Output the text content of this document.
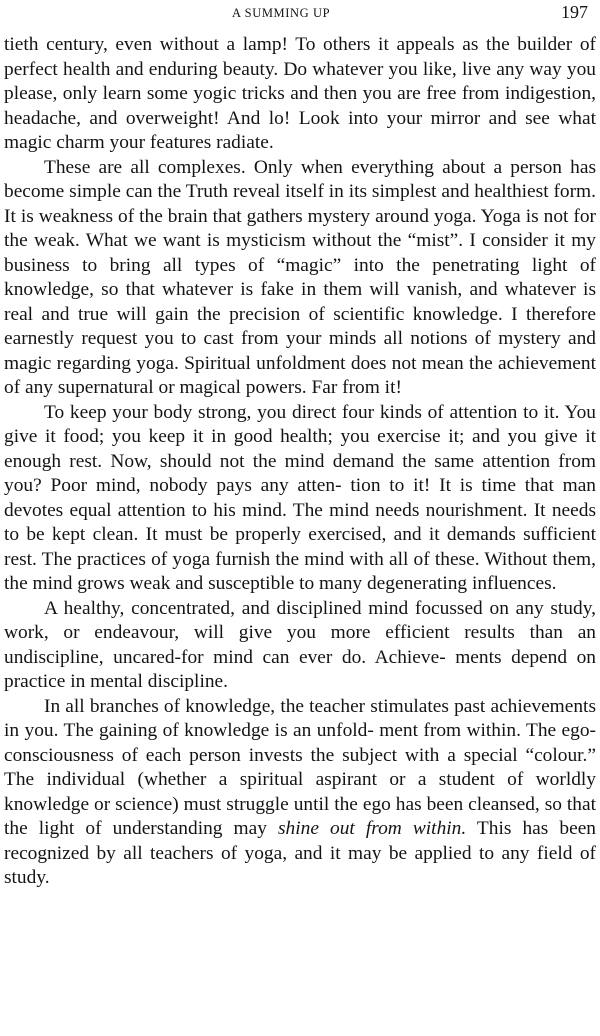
A SUMMING UP	197

tieth century, even without a lamp! To others it appeals as the builder of perfect health and enduring beauty. Do whatever you like, live any way you please, only learn some yogic tricks and then you are free from indigestion, headache, and overweight! And lo! Look into your mirror and see what magic charm your features radiate.

These are all complexes. Only when everything about a person has become simple can the Truth reveal itself in its simplest and healthiest form. It is weakness of the brain that gathers mystery around yoga. Yoga is not for the weak. What we want is mysticism without the “mist”. I consider it my business to bring all types of “magic” into the penetrating light of knowledge, so that whatever is fake in them will vanish, and whatever is real and true will gain the precision of scientific knowledge. I therefore earnestly request you to cast from your minds all notions of mystery and magic regarding yoga. Spiritual unfoldment does not mean the achievement of any supernatural or magical powers. Far from it!

To keep your body strong, you direct four kinds of attention to it. You give it food; you keep it in good health; you exercise it; and you give it enough rest. Now, should not the mind demand the same attention from you? Poor mind, nobody pays any atten- tion to it! It is time that man devotes equal attention to his mind. The mind needs nourishment. It needs to be kept clean. It must be properly exercised, and it demands sufficient rest. The practices of yoga furnish the mind with all of these. Without them, the mind grows weak and susceptible to many degenerating influences.

A healthy, concentrated, and disciplined mind focussed on any study, work, or endeavour, will give you more efficient results than an undiscipline, uncared-for mind can ever do. Achieve- ments depend on practice in mental discipline.

In all branches of knowledge, the teacher stimulates past achievements in you. The gaining of knowledge is an unfold- ment from within. The ego-consciousness of each person invests the subject with a special “colour.” The individual (whether a spiritual aspirant or a student of worldly knowledge or science) must struggle until the ego has been cleansed, so that the light of understanding may shine out from within. This has been recognized by all teachers of yoga, and it may be applied to any field of study.
